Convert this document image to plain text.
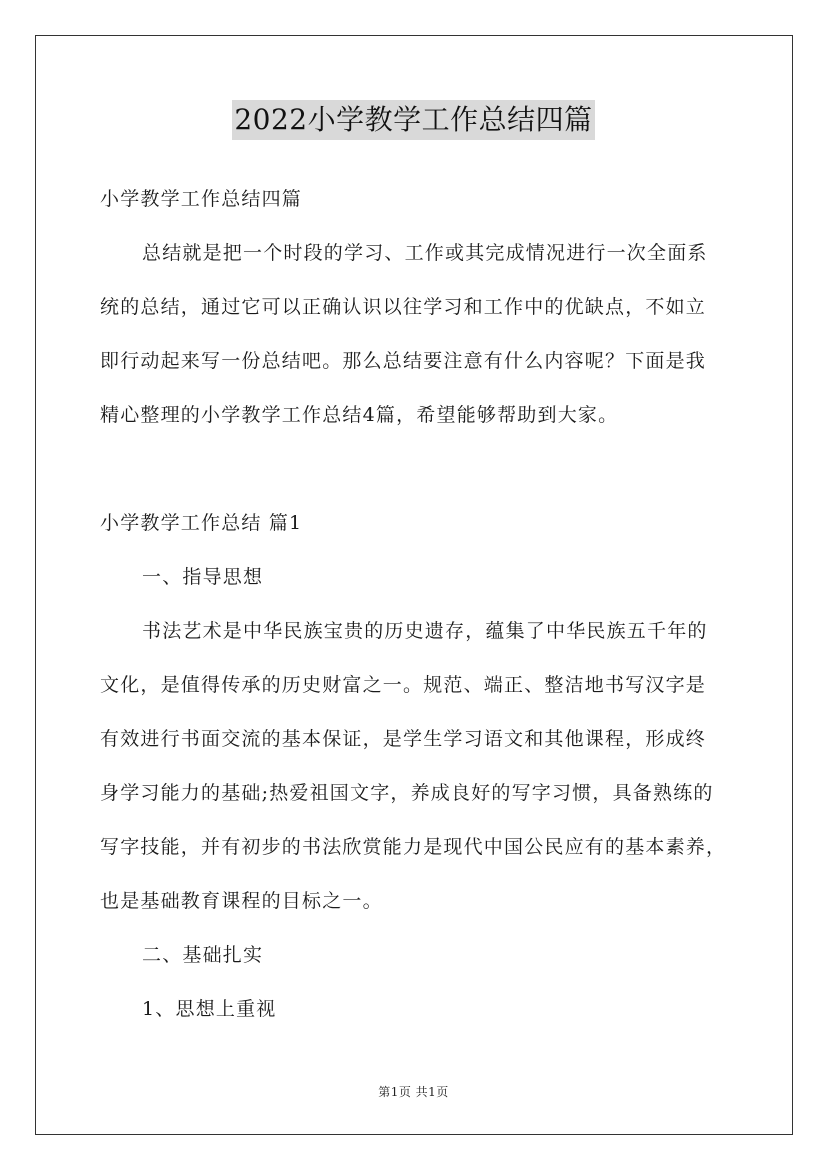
2022小学教学工作总结四篇
小学教学工作总结四篇
总结就是把一个时段的学习、工作或其完成情况进行一次全面系
统的总结，通过它可以正确认识以往学习和工作中的优缺点，不如立
即行动起来写一份总结吧。那么总结要注意有什么内容呢？下面是我
精心整理的小学教学工作总结4篇，希望能够帮助到大家。
小学教学工作总结 篇1
一、指导思想
书法艺术是中华民族宝贵的历史遗存，蕴集了中华民族五千年的
文化，是值得传承的历史财富之一。规范、端正、整洁地书写汉字是
有效进行书面交流的基本保证，是学生学习语文和其他课程，形成终
身学习能力的基础;热爱祖国文字，养成良好的写字习惯，具备熟练的
写字技能，并有初步的书法欣赏能力是现代中国公民应有的基本素养，
也是基础教育课程的目标之一。
二、基础扎实
1、思想上重视
第1页 共1页
